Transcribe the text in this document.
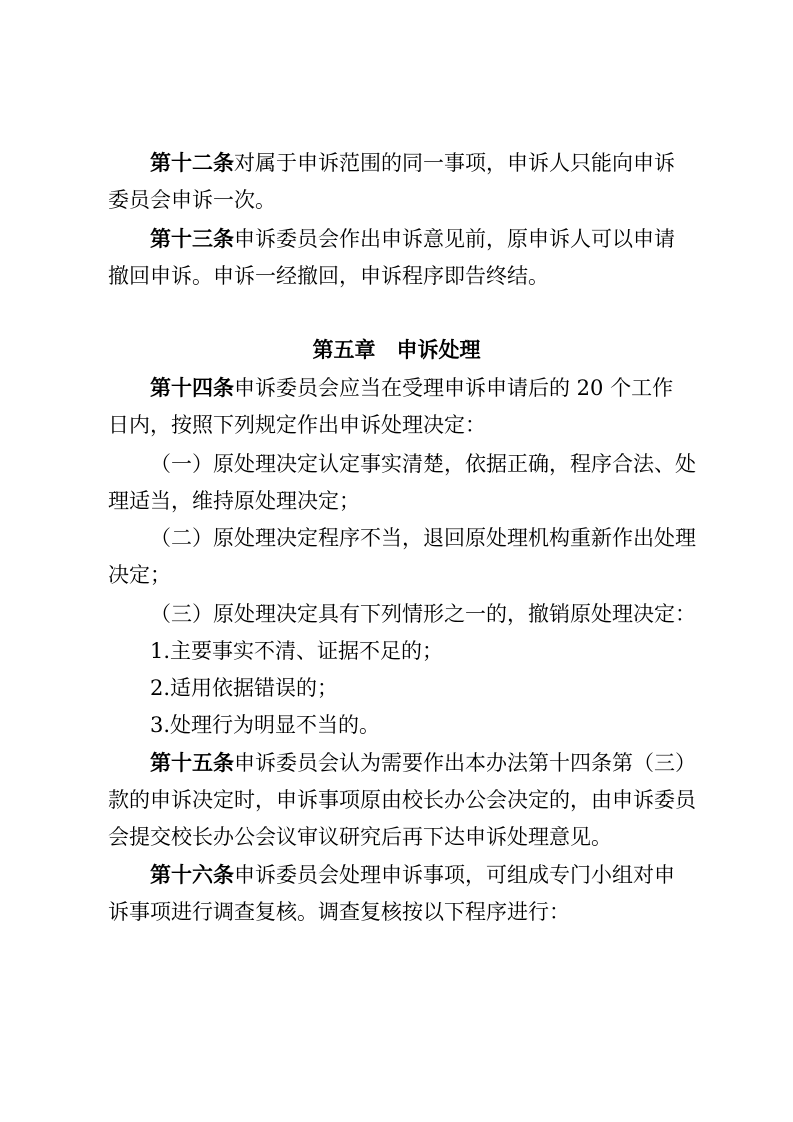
第十二条对属于申诉范围的同一事项，申诉人只能向申诉
委员会申诉一次。
第十三条申诉委员会作出申诉意见前，原申诉人可以申请
撤回申诉。申诉一经撤回，申诉程序即告终结。
第五章　申诉处理
第十四条申诉委员会应当在受理申诉申请后的 20 个工作
日内，按照下列规定作出申诉处理决定：
（一）原处理决定认定事实清楚，依据正确，程序合法、处
理适当，维持原处理决定；
（二）原处理决定程序不当，退回原处理机构重新作出处理
决定；
（三）原处理决定具有下列情形之一的，撤销原处理决定：
1.主要事实不清、证据不足的；
2.适用依据错误的；
3.处理行为明显不当的。
第十五条申诉委员会认为需要作出本办法第十四条第（三）
款的申诉决定时，申诉事项原由校长办公会决定的，由申诉委员
会提交校长办公会议审议研究后再下达申诉处理意见。
第十六条申诉委员会处理申诉事项，可组成专门小组对申
诉事项进行调查复核。调查复核按以下程序进行：
